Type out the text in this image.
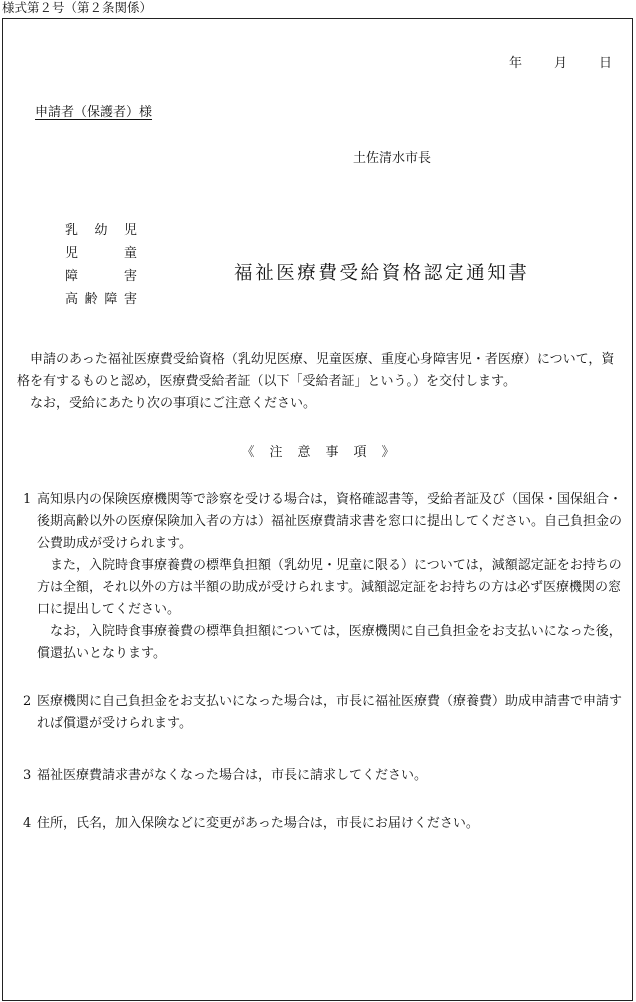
様式第２号（第２条関係）
年 月 日
申請者（保護者）様
土佐清水市長
乳幼児
児童
障害
高齢障害
福祉医療費受給資格認定通知書

申請のあった福祉医療費受給資格（乳幼児医療、児童医療、重度心身障害児・者医療）について，資格を有するものと認め，医療費受給者証（以下「受給者証」という。）を交付します。

なお，受給にあたり次の事項にご注意ください。

《　注　意　事　項　》
1 高知県内の保険医療機関等で診察を受ける場合は，資格確認書等，受給者証及び（国保・国保組合・後期高齢以外の医療保険加入者の方は）福祉医療費請求書を窓口に提出してください。自己負担金の公費助成が受けられます。

また，入院時食事療養費の標準負担額（乳幼児・児童に限る）については，減額認定証をお持ちの方は全額，それ以外の方は半額の助成が受けられます。減額認定証をお持ちの方は必ず医療機関の窓口に提出してください。

なお，入院時食事療養費の標準負担額については，医療機関に自己負担金をお支払いになった後，償還払いとなります。

2 医療機関に自己負担金をお支払いになった場合は，市長に福祉医療費（療養費）助成申請書で申請すれば償還が受けられます。

3 福祉医療費請求書がなくなった場合は，市長に請求してください。

4 住所，氏名，加入保険などに変更があった場合は，市長にお届けください。
